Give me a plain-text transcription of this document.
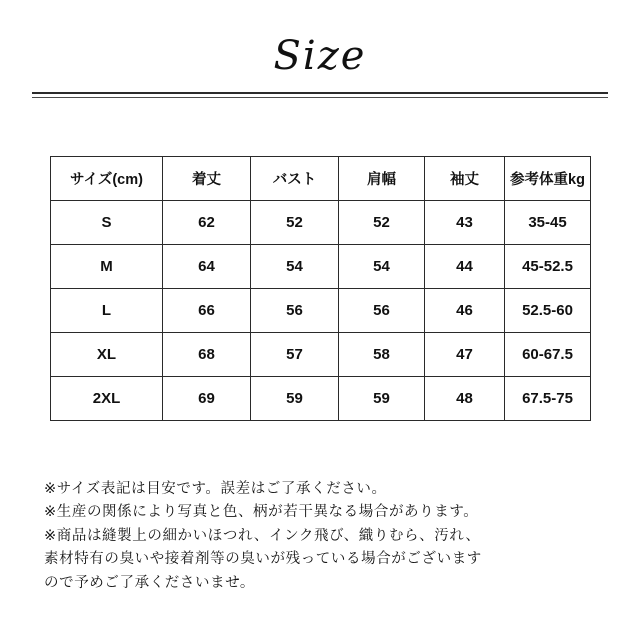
Size
サイズ(cm)	着丈	バスト	肩幅	袖丈	参考体重kg
S	62	52	52	43	35-45
M	64	54	54	44	45-52.5
L	66	56	56	46	52.5-60
XL	68	57	58	47	60-67.5
2XL	69	59	59	48	67.5-75
※サイズ表記は目安です。誤差はご了承ください。
※生産の関係により写真と色、柄が若干異なる場合があります。
※商品は縫製上の細かいほつれ、インク飛び、織りむら、汚れ、
素材特有の臭いや接着剤等の臭いが残っている場合がございます
ので予めご了承くださいませ。
